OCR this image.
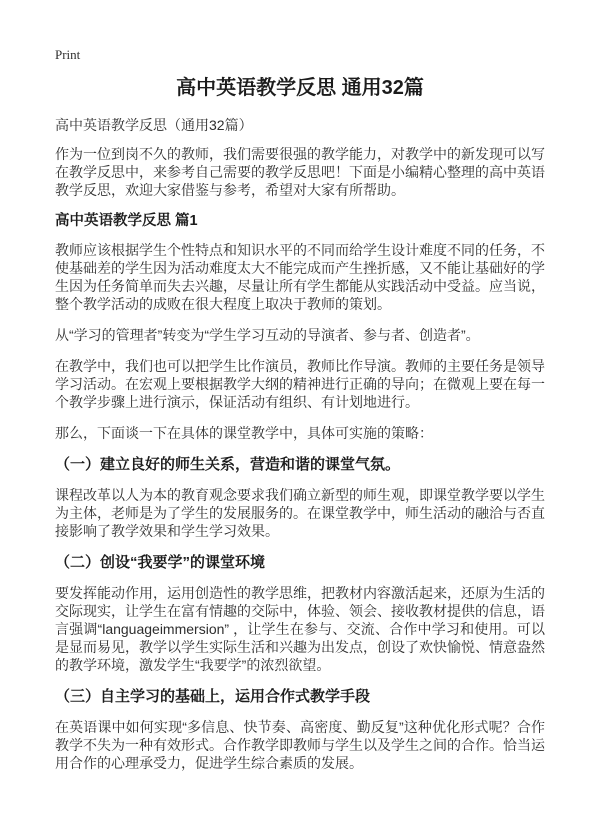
Print
高中英语教学反思 通用32篇
高中英语教学反思（通用32篇）

作为一位到岗不久的教师，我们需要很强的教学能力，对教学中的新发现可以写在教学反思中，来参考自己需要的教学反思吧！下面是小编精心整理的高中英语教学反思，欢迎大家借鉴与参考，希望对大家有所帮助。

高中英语教学反思 篇1

教师应该根据学生个性特点和知识水平的不同而给学生设计难度不同的任务，不使基础差的学生因为活动难度太大不能完成而产生挫折感，又不能让基础好的学生因为任务简单而失去兴趣，尽量让所有学生都能从实践活动中受益。应当说，整个教学活动的成败在很大程度上取决于教师的策划。

从“学习的管理者”转变为“学生学习互动的导演者、参与者、创造者”。

在教学中，我们也可以把学生比作演员，教师比作导演。教师的主要任务是领导学习活动。在宏观上要根据教学大纲的精神进行正确的导向；在微观上要在每一个教学步骤上进行演示，保证活动有组织、有计划地进行。

那么，下面谈一下在具体的课堂教学中，具体可实施的策略：

（一）建立良好的师生关系，营造和谐的课堂气氛。

课程改革以人为本的教育观念要求我们确立新型的师生观，即课堂教学要以学生为主体，老师是为了学生的发展服务的。在课堂教学中，师生活动的融洽与否直接影响了教学效果和学生学习效果。

（二）创设“我要学”的课堂环境

要发挥能动作用，运用创造性的教学思维，把教材内容激活起来，还原为生活的交际现实，让学生在富有情趣的交际中，体验、领会、接收教材提供的信息，语言强调“languageimmersion” ，让学生在参与、交流、合作中学习和使用。可以是显而易见，教学以学生实际生活和兴趣为出发点，创设了欢快愉悦、情意盎然的教学环境，激发学生“我要学”的浓烈欲望。

（三）自主学习的基础上，运用合作式教学手段

在英语课中如何实现“多信息、快节奏、高密度、勤反复”这种优化形式呢？合作教学不失为一种有效形式。合作教学即教师与学生以及学生之间的合作。恰当运用合作的心理承受力，促进学生综合素质的发展。
